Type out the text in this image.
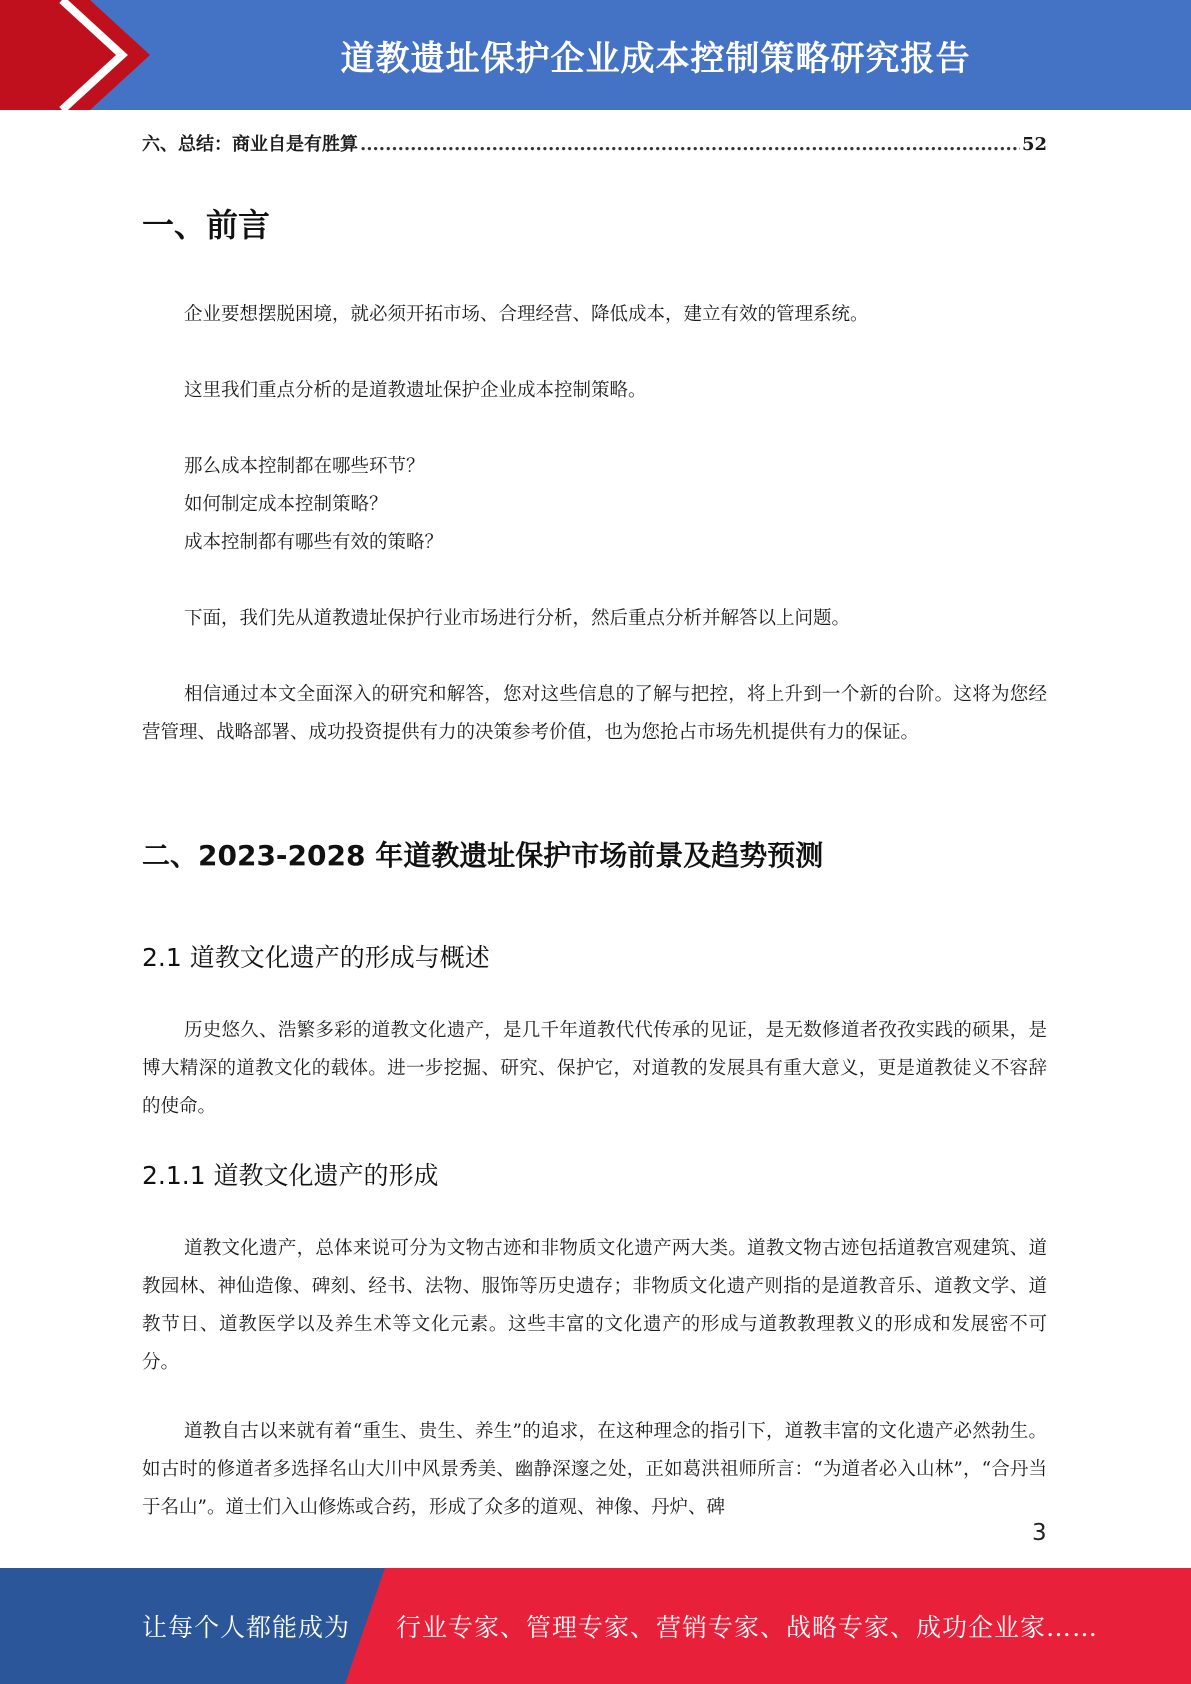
道教遗址保护企业成本控制策略研究报告
六、总结：商业自是有胜算
.....	52
一、前言
企业要想摆脱困境，就必须开拓市场、合理经营、降低成本，建立有效的管理系统。
这里我们重点分析的是道教遗址保护企业成本控制策略。
那么成本控制都在哪些环节？
如何制定成本控制策略？
成本控制都有哪些有效的策略？
下面，我们先从道教遗址保护行业市场进行分析，然后重点分析并解答以上问题。

相信通过本文全面深入的研究和解答，您对这些信息的了解与把控，将上升到一个新的台阶。这将为您经营管理、战略部署、成功投资提供有力的决策参考价值，也为您抢占市场先机提供有力的保证。

二、2023-2028 年道教遗址保护市场前景及趋势预测
2.1 道教文化遗产的形成与概述

历史悠久、浩繁多彩的道教文化遗产，是几千年道教代代传承的见证，是无数修道者孜孜实践的硕果，是博大精深的道教文化的载体。进一步挖掘、研究、保护它，对道教的发展具有重大意义，更是道教徒义不容辞的使命。

2.1.1 道教文化遗产的形成

道教文化遗产，总体来说可分为文物古迹和非物质文化遗产两大类。道教文物古迹包括道教宫观建筑、道教园林、神仙造像、碑刻、经书、法物、服饰等历史遗存；非物质文化遗产则指的是道教音乐、道教文学、道教节日、道教医学以及养生术等文化元素。这些丰富的文化遗产的形成与道教教理教义的形成和发展密不可分。

道教自古以来就有着“重生、贵生、养生”的追求，在这种理念的指引下，道教丰富的文化遗产必然勃生。如古时的修道者多选择名山大川中风景秀美、幽静深邃之处，正如葛洪祖师所言：“为道者必入山林”，“合丹当于名山”。道士们入山修炼或合药，形成了众多的道观、神像、丹炉、碑

3
让每个人都能成为 行业专家、管理专家、营销专家、战略专家、成功企业家……
